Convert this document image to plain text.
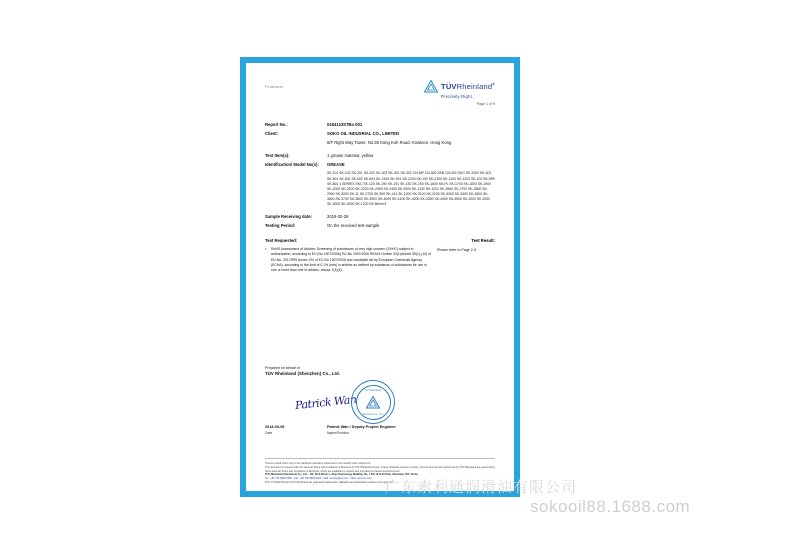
Producer	TÜVRheinland®
Precisely Right.
Page 1 of 9
Report No.:	0184123S7Bo 001
Client:	SOKO OIL INDUSRIAL CO., LIMITED
6/F Right Way Tower, No.35 Kong Koh Road, Kowloon, Hong Kong
Test Item(s):	1 grease material, yellow
Identification/ Model No(s):	GREASE
SK-101 SK-102 SK-201 SK-202 SK-203 SK-301 SK-302 CN-MP CN-300 SKB CN-400 SKG SK-2000 SK-401 SK-501 SK-601 SK-602 SK-603 SK-2100 SK-901 SK-2200 SK-102 SK-2300 SK-1100 SK-1200 SK-102 SK-999 SK-801 1 SERIES SKC SK-123 SK-190 SK-191 SK-192 SK-193 SK-1600 SK-PL SK-1700 SK-1800 SK-1900 SK-2000 SK-2100 SK-2200 SK-2300 SK-2400 SK-2500 SK-1100 SK-1201 SK-2600 SK-2700 SK-2800 SK-2900 SK-3000 SK-11 SK-2705 SK-500 SK-411 SK-1200 SK-3100 SK-3200 SK-3300 SK-3400 SK-3500 SK-3600 SK-3700 SK-3800 SK-3900 SK-4000 SK-4100 SK-4200 SK-4300 SK-4400 SK-4500 SK-1000 SK-2000 SK-3000 SK-4000 SK-1200 SK Blend II
Sample Receiving date:	2018-02-28
Testing Period:	On the received test-sample
Test Requested:	Test Result:
•	RoHS Assessment of Articles: Screening of substances of very high concern (SVHC) subject to authorisation, according to EU (No 1907/2006) EU-No 1907/2006 REACH Article 33(1)/Article 59(1)-(10) of EU-No. 2017/999 Annex XIV of EC-No 1907/2006 and candidate list by European Chemicals Agency (ECHA), according to the limit of 0.1% (w/w) in articles as defined by substance of substances for use in one or more than one of articles, clause 7(4)(4).
Please refer to Page 2-9
Prepared on behalf of
TÜV Rheinland (Shenzhen) Co., Ltd.
Patrick Wan
TÜV Rheinland
Shenzhen Co., Ltd.
2018-03-05
Date
Patrick Wan / Deputy Project Engineer
Name/Position
This test result refers only to the particular sample(s) tested and to the specific tests carried out.
This document is issued under the General Terms and Conditions of Business of TÜV Rheinland Group. Unless otherwise agreed in writing, all work and services performed by TÜV Rheinland are governed by these General Terms and Conditions of Business, which are available on request and may also be viewed at www.tuv.com.
TÜV Rheinland (Shenzhen) Co., Ltd. · 3/F, Tech Block 1, Jinye Technology Building, No. 1 Rd, Hi-Tech Park, Shenzhen, P.R. China
Tel.: +86 755 8828 0888 · Fax: +86 755 8828 0000 · Mail: service@tuv.com · Web: www.tuv.com
TÜV, TÜVdotCOM and TÜV Rheinland are registered trademarks. Utilisation and application requires prior approval.
广东索利通润滑油有限公司
sokooil88.1688.com
